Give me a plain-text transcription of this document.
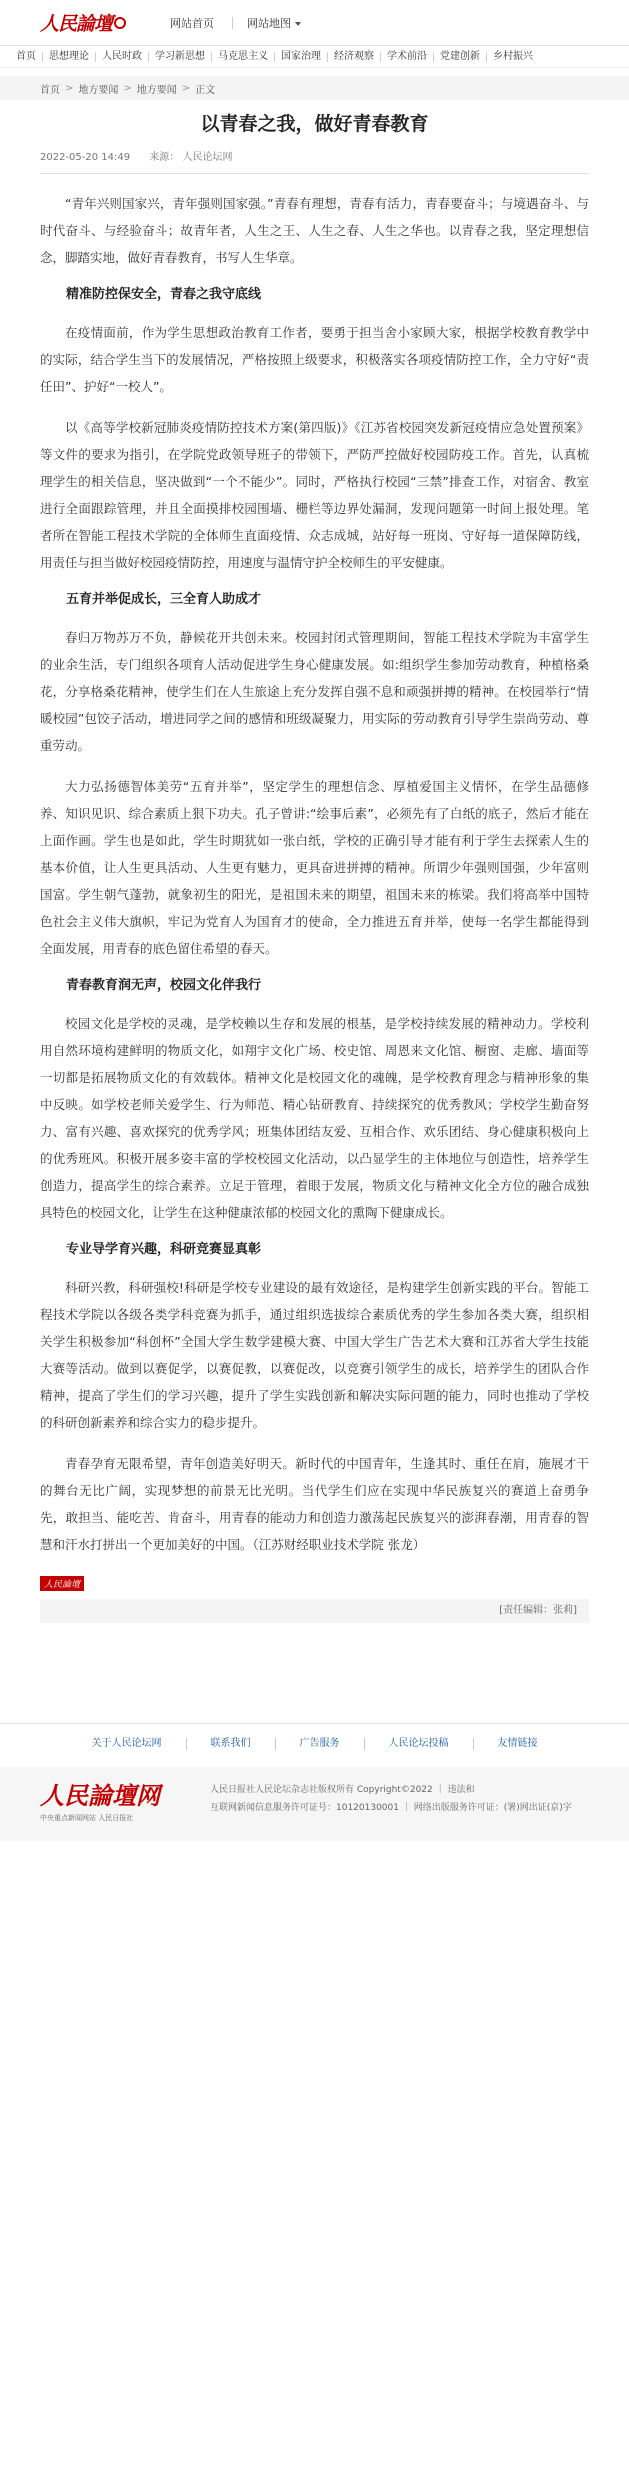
人民論壇	网站首页	网站地图
首页	思想理论	人民时政	学习新思想	马克思主义	国家治理	经济观察	学术前沿	党建创新	乡村振兴
首页 > 地方要闻 > 地方要闻 > 正文
以青春之我，做好青春教育
2022-05-20 14:49 来源： 人民论坛网

“青年兴则国家兴，青年强则国家强。”青春有理想，青春有活力，青春要奋斗；与境遇奋斗、与时代奋斗、与经验奋斗；故青年者，人生之王、人生之春、人生之华也。以青春之我，坚定理想信念，脚踏实地，做好青春教育，书写人生华章。

精准防控保安全，青春之我守底线

在疫情面前，作为学生思想政治教育工作者，要勇于担当舍小家顾大家，根据学校教育教学中的实际，结合学生当下的发展情况，严格按照上级要求，积极落实各项疫情防控工作，全力守好“责任田”、护好“一校人”。

以《高等学校新冠肺炎疫情防控技术方案(第四版)》《江苏省校园突发新冠疫情应急处置预案》等文件的要求为指引，在学院党政领导班子的带领下，严防严控做好校园防疫工作。首先，认真梳理学生的相关信息，坚决做到“一个不能少”。同时，严格执行校园“三禁”排查工作，对宿舍、教室进行全面跟踪管理，并且全面摸排校园围墙、栅栏等边界处漏洞，发现问题第一时间上报处理。笔者所在智能工程技术学院的全体师生直面疫情、众志成城，站好每一班岗、守好每一道保障防线，用责任与担当做好校园疫情防控，用速度与温情守护全校师生的平安健康。

五育并举促成长，三全育人助成才

春归万物苏万不负，静候花开共创未来。校园封闭式管理期间，智能工程技术学院为丰富学生的业余生活，专门组织各项育人活动促进学生身心健康发展。如:组织学生参加劳动教育，种植格桑花，分享格桑花精神，使学生们在人生旅途上充分发挥自强不息和顽强拼搏的精神。在校园举行“情暖校园”包饺子活动，增进同学之间的感情和班级凝聚力，用实际的劳动教育引导学生崇尚劳动、尊重劳动。

大力弘扬德智体美劳“五育并举”，坚定学生的理想信念、厚植爱国主义情怀，在学生品德修养、知识见识、综合素质上狠下功夫。孔子曾讲:“绘事后素”，必须先有了白纸的底子，然后才能在上面作画。学生也是如此，学生时期犹如一张白纸，学校的正确引导才能有利于学生去探索人生的基本价值，让人生更具活动、人生更有魅力，更具奋进拼搏的精神。所谓少年强则国强，少年富则国富。学生朝气蓬勃，就象初生的阳光，是祖国未来的期望，祖国未来的栋梁。我们将高举中国特色社会主义伟大旗帜，牢记为党育人为国育才的使命，全力推进五育并举，使每一名学生都能得到全面发展，用青春的底色留住希望的春天。

青春教育润无声，校园文化伴我行

校园文化是学校的灵魂，是学校赖以生存和发展的根基，是学校持续发展的精神动力。学校利用自然环境构建鲜明的物质文化，如翔宇文化广场、校史馆、周恩来文化馆、橱窗、走廊、墙面等一切都是拓展物质文化的有效载体。精神文化是校园文化的魂魄，是学校教育理念与精神形象的集中反映。如学校老师关爱学生、行为师范、精心钻研教育、持续探究的优秀教风；学校学生勤奋努力、富有兴趣、喜欢探究的优秀学风；班集体团结友爱、互相合作、欢乐团结、身心健康积极向上的优秀班风。积极开展多姿丰富的学校校园文化活动，以凸显学生的主体地位与创造性，培养学生创造力，提高学生的综合素养。立足于管理，着眼于发展，物质文化与精神文化全方位的融合成独具特色的校园文化，让学生在这种健康浓郁的校园文化的熏陶下健康成长。

专业导学育兴趣，科研竞赛显真彰

科研兴教，科研强校!科研是学校专业建设的最有效途径，是构建学生创新实践的平台。智能工程技术学院以各级各类学科竞赛为抓手，通过组织选拔综合素质优秀的学生参加各类大赛，组织相关学生积极参加“科创杯”全国大学生数学建模大赛、中国大学生广告艺术大赛和江苏省大学生技能大赛等活动。做到以赛促学，以赛促教，以赛促改，以竞赛引领学生的成长，培养学生的团队合作精神，提高了学生们的学习兴趣，提升了学生实践创新和解决实际问题的能力，同时也推动了学校的科研创新素养和综合实力的稳步提升。

青春孕育无限希望，青年创造美好明天。新时代的中国青年，生逢其时、重任在肩，施展才干的舞台无比广阔，实现梦想的前景无比光明。当代学生们应在实现中华民族复兴的赛道上奋勇争先，敢担当、能吃苦、肯奋斗，用青春的能动力和创造力激荡起民族复兴的澎湃春潮，用青春的智慧和汗水打拼出一个更加美好的中国。（江苏财经职业技术学院 张龙）

人民論壇
[责任编辑：张莉]
关于人民论坛网	联系我们	广告服务	人民论坛投稿	友情链接
人民論壇网
中央重点新闻网站 人民日报社
人民日报社人民论坛杂志社版权所有 Copyright©2022 ｜ 违法和
互联网新闻信息服务许可证号：10120130001 ｜ 网络出版服务许可证：(署)网出证(京)字
